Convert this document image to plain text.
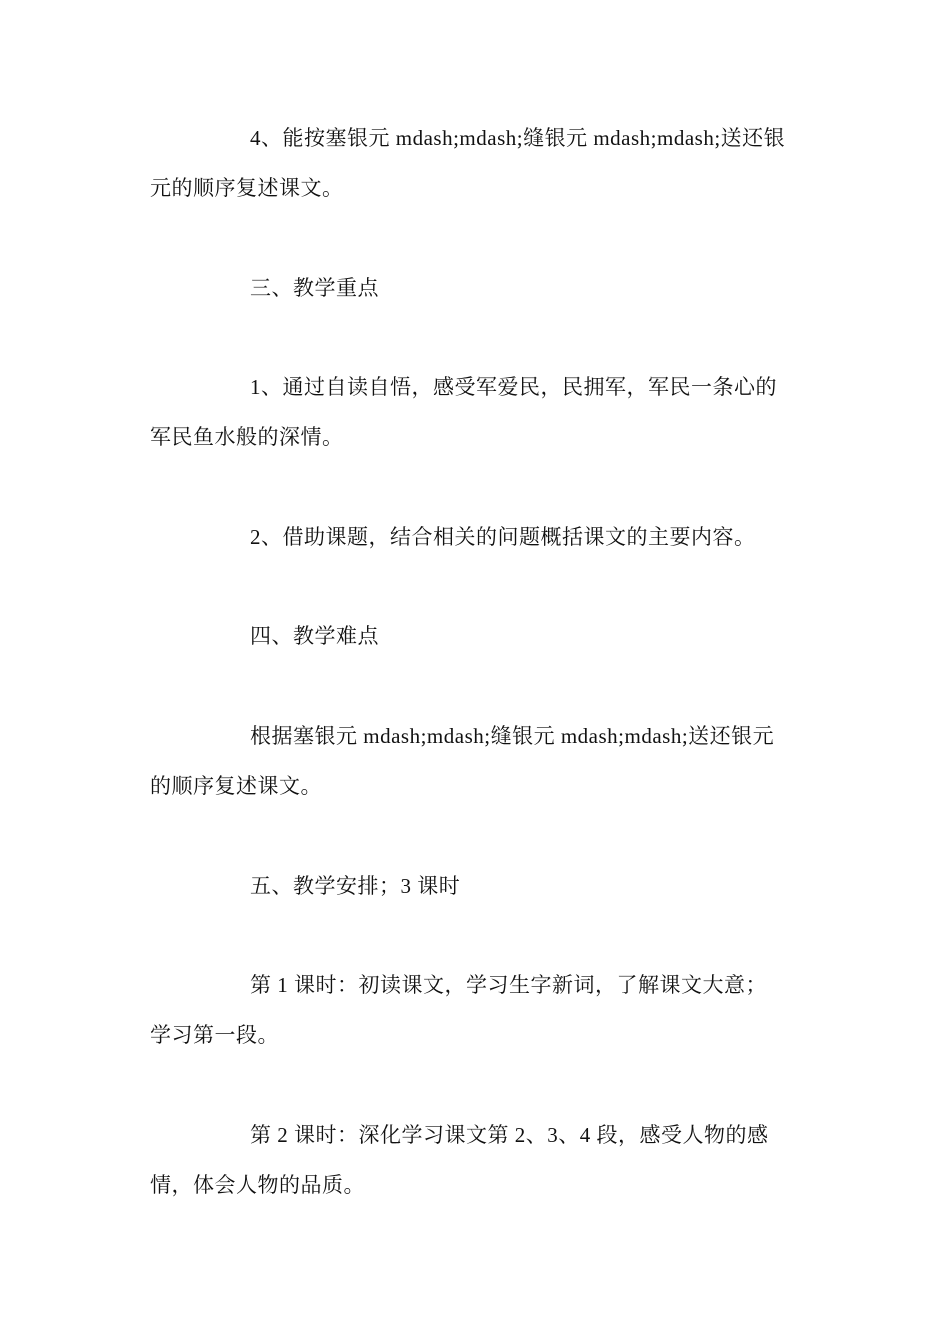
4、能按塞银元 mdash;mdash;缝银元 mdash;mdash;送还银
元的顺序复述课文。

三、教学重点

1、通过自读自悟，感受军爱民，民拥军，军民一条心的
军民鱼水般的深情。

2、借助课题，结合相关的问题概括课文的主要内容。

四、教学难点

根据塞银元 mdash;mdash;缝银元 mdash;mdash;送还银元
的顺序复述课文。

五、教学安排；3 课时

第 1 课时：初读课文，学习生字新词，了解课文大意；
学习第一段。

第 2 课时：深化学习课文第 2、3、4 段，感受人物的感
情，体会人物的品质。
